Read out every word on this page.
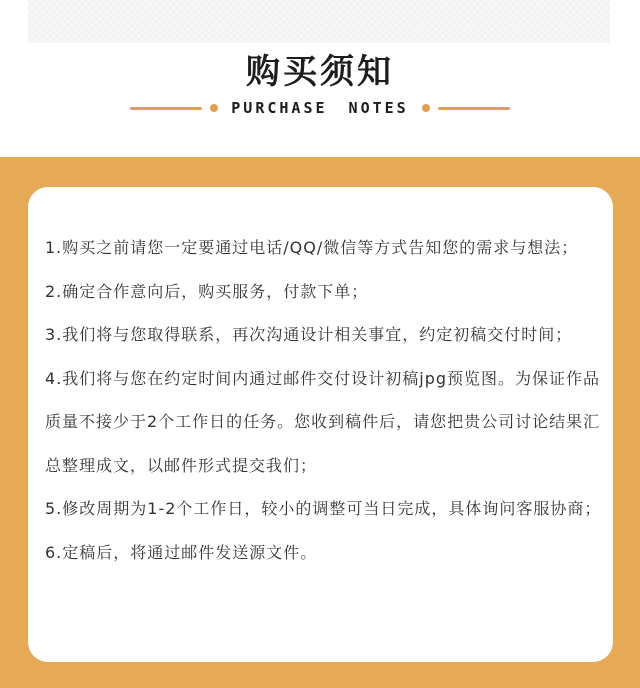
购买须知
PURCHASE NOTES

1.购买之前请您一定要通过电话/QQ/微信等方式告知您的需求与想法；

2.确定合作意向后，购买服务，付款下单；

3.我们将与您取得联系，再次沟通设计相关事宜，约定初稿交付时间；

4.我们将与您在约定时间内通过邮件交付设计初稿jpg预览图。为保证作品质量不接少于2个工作日的任务。您收到稿件后，请您把贵公司讨论结果汇总整理成文，以邮件形式提交我们；

5.修改周期为1-2个工作日，较小的调整可当日完成，具体询问客服协商；

6.定稿后，将通过邮件发送源文件。
